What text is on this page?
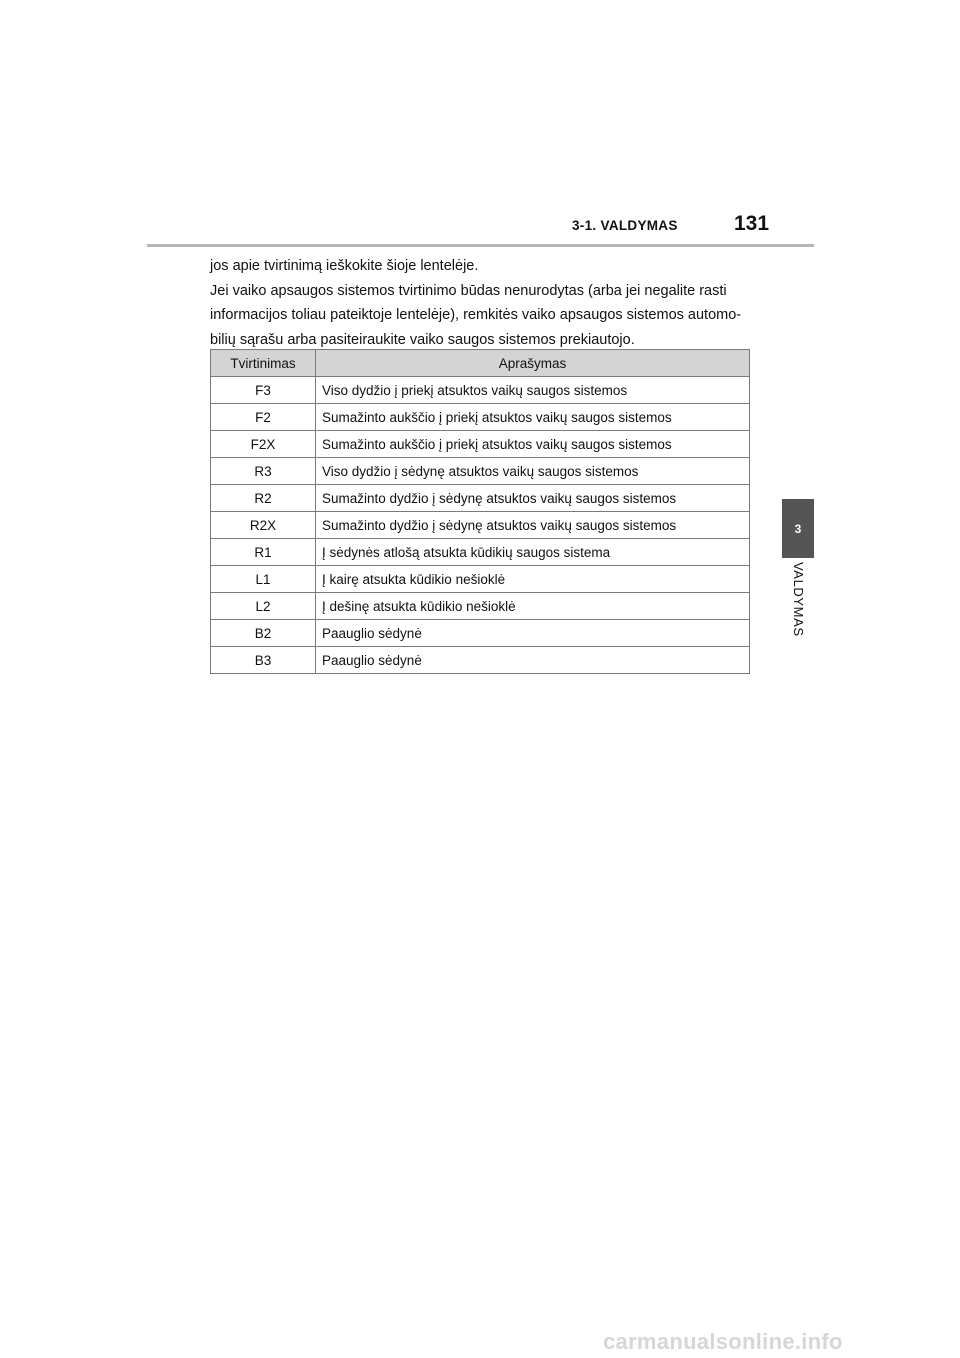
3-1. VALDYMAS	131

jos apie tvirtinimą ieškokite šioje lentelėje.
Jei vaiko apsaugos sistemos tvirtinimo būdas nenurodytas (arba jei negalite rasti
informacijos toliau pateiktoje lentelėje), remkitės vaiko apsaugos sistemos automo-
bilių sąrašu arba pasiteiraukite vaiko saugos sistemos prekiautojo.

Tvirtinimas	Aprašymas
F3	Viso dydžio į priekį atsuktos vaikų saugos sistemos
F2	Sumažinto aukščio į priekį atsuktos vaikų saugos sistemos
F2X	Sumažinto aukščio į priekį atsuktos vaikų saugos sistemos
R3	Viso dydžio į sėdynę atsuktos vaikų saugos sistemos
R2	Sumažinto dydžio į sėdynę atsuktos vaikų saugos sistemos
R2X	Sumažinto dydžio į sėdynę atsuktos vaikų saugos sistemos
R1	Į sėdynės atlošą atsukta kūdikių saugos sistema
L1	Į kairę atsukta kūdikio nešioklė
L2	Į dešinę atsukta kūdikio nešioklė
B2	Paauglio sėdynė
B3	Paauglio sėdynė
3
VALDYMAS
carmanualsonline.info
